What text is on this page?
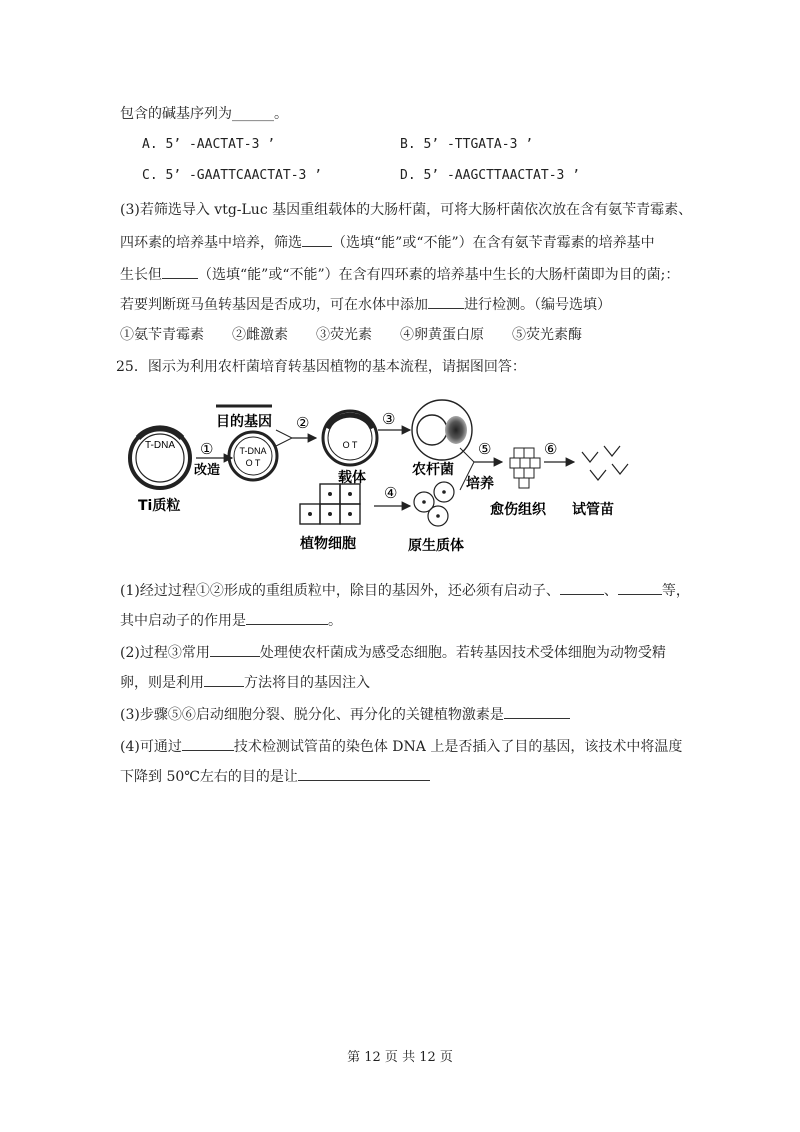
包含的碱基序列为______。
A. 5’ -AACTAT-3 ’	B. 5’ -TTGATA-3 ’
C. 5’ -GAATTCAACTAT-3 ’	D. 5’ -AAGCTTAACTAT-3 ’
(3)若筛选导入 vtg-Luc 基因重组载体的大肠杆菌，可将大肠杆菌依次放在含有氨苄青霉素、
四环素的培养基中培养，筛选 （选填“能”或“不能”）在含有氨苄青霉素的培养基中
生长但	（选填“能”或“不能”）在含有四环素的培养基中生长的大肠杆菌即为目的菌;：
若要判断斑马鱼转基因是否成功，可在水体中添加	进行检测。（编号选填）
①氨苄青霉素 ②雌激素 ③荧光素 ④卵黄蛋白原 ⑤荧光素酶
25．图示为利用农杆菌培育转基因植物的基本流程，请据图回答：
T-DNA
Ti质粒
①
改造
目的基因
T-DNA
O T
②
O T
载体
③
农杆菌
植物细胞
④
原生质体
⑤
培养
愈伤组织
⑥
试管苗
(1)经过过程①②形成的重组质粒中，除目的基因外，还必须有启动子、	、	等，
其中启动子的作用是	。
(2)过程③常用	处理使农杆菌成为感受态细胞。若转基因技术受体细胞为动物受精
卵，则是利用	方法将目的基因注入
(3)步骤⑤⑥启动细胞分裂、脱分化、再分化的关键植物激素是
(4)可通过	技术检测试管苗的染色体 DNA 上是否插入了目的基因，该技术中将温度
下降到 50℃左右的目的是让
第 12 页 共 12 页
